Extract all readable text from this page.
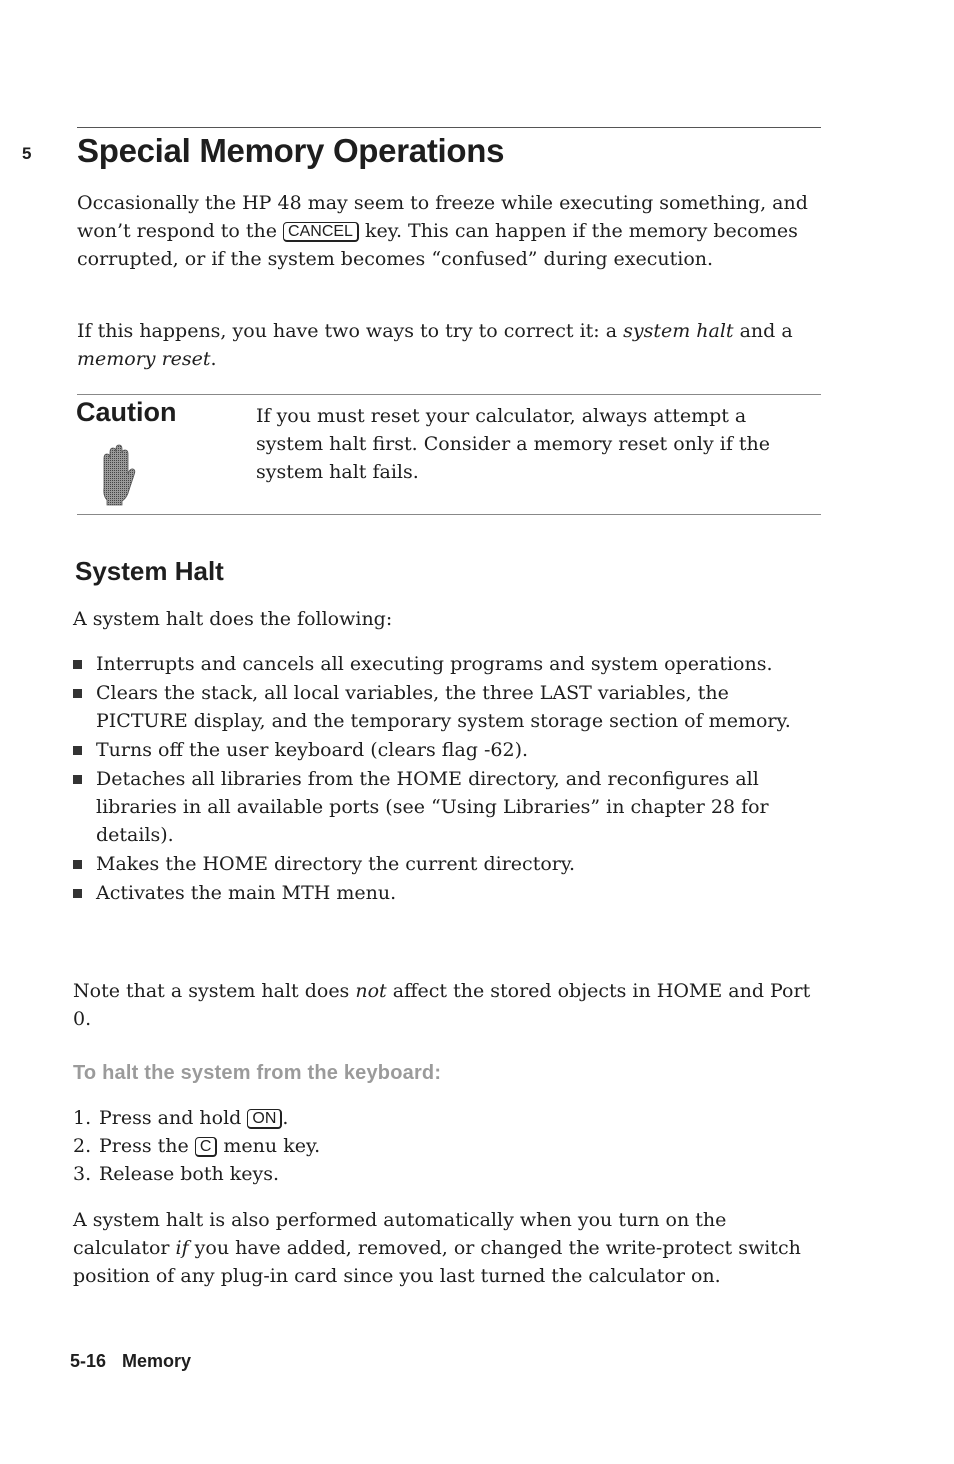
5 Special Memory Operations

Occasionally the HP 48 may seem to freeze while executing something, and won’t respond to the CANCEL key. This can happen if the memory becomes corrupted, or if the system becomes “confused” during execution.

If this happens, you have two ways to try to correct it: a system halt and a memory reset.

Caution	If you must reset your calculator, always attempt a system halt first. Consider a memory reset only if the system halt fails.

System Halt

A system halt does the following:

Interrupts and cancels all executing programs and system operations.
Clears the stack, all local variables, the three LAST variables, the PICTURE display, and the temporary system storage section of memory.
Turns off the user keyboard (clears flag -62).
Detaches all libraries from the HOME directory, and reconfigures all libraries in all available ports (see “Using Libraries” in chapter 28 for details).
Makes the HOME directory the current directory.
Activates the main MTH menu.

Note that a system halt does not affect the stored objects in HOME and Port 0.

To halt the system from the keyboard:

1. Press and hold ON .
2. Press the C menu key.
3. Release both keys.

A system halt is also performed automatically when you turn on the calculator if you have added, removed, or changed the write-protect switch position of any plug-in card since you last turned the calculator on.

5-16 Memory
